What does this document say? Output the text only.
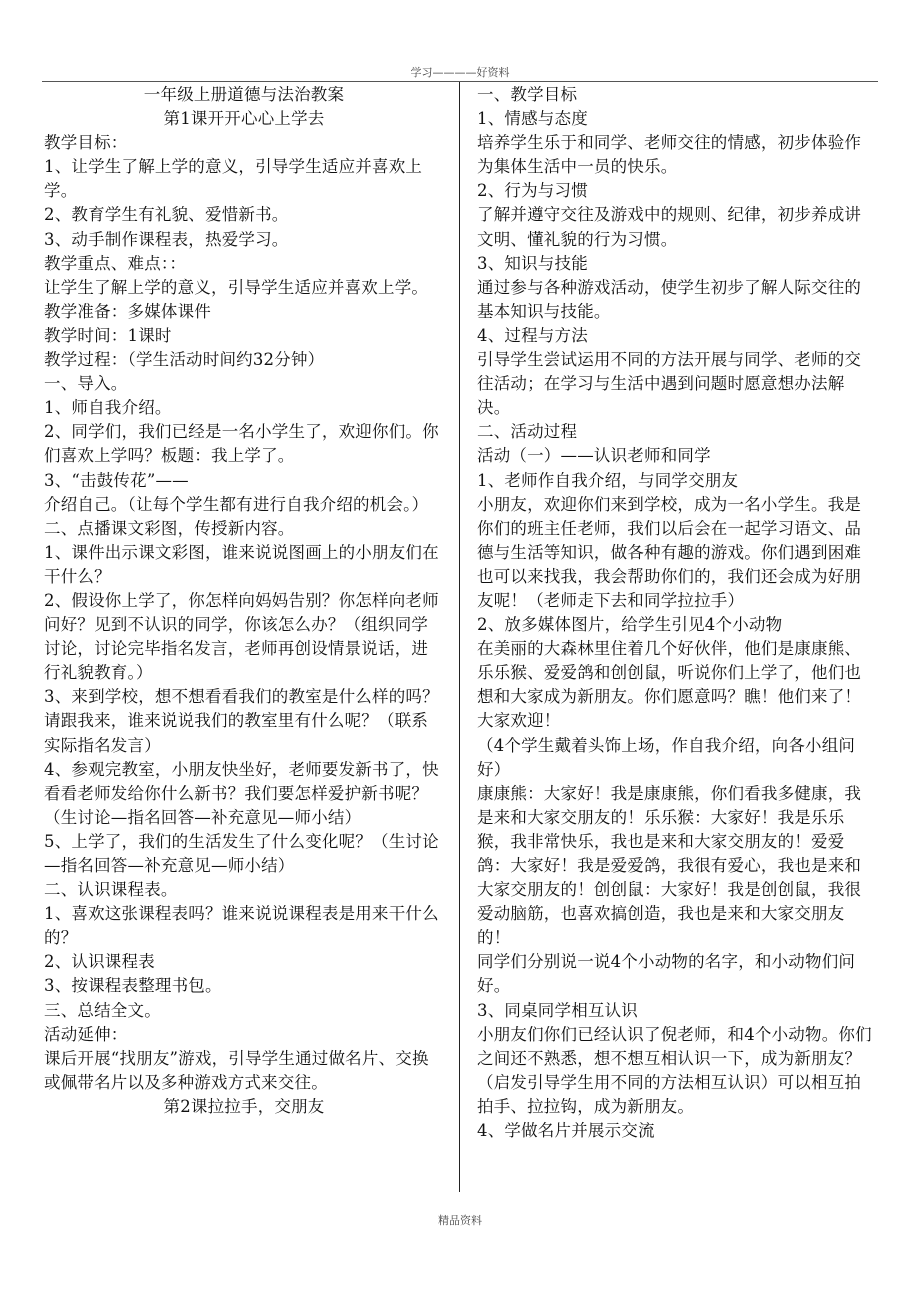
学习————好资料

一年级上册道德与法治教案

第1课开开心心上学去

教学目标：

1、让学生了解上学的意义，引导学生适应并喜欢上学。

2、教育学生有礼貌、爱惜新书。

3、动手制作课程表，热爱学习。

教学重点、难点：：

让学生了解上学的意义，引导学生适应并喜欢上学。

教学准备：多媒体课件

教学时间：1课时

教学过程：（学生活动时间约32分钟）

一、导入。

1、师自我介绍。

2、同学们，我们已经是一名小学生了，欢迎你们。你们喜欢上学吗？板题：我上学了。

3、“击鼓传花”——

介绍自己。（让每个学生都有进行自我介绍的机会。）

二、点播课文彩图，传授新内容。

1、课件出示课文彩图，谁来说说图画上的小朋友们在干什么？

2、假设你上学了，你怎样向妈妈告别？你怎样向老师问好？见到不认识的同学，你该怎么办？（组织同学讨论，讨论完毕指名发言，老师再创设情景说话，进行礼貌教育。）

3、来到学校，想不想看看我们的教室是什么样的吗？请跟我来，谁来说说我们的教室里有什么呢？（联系实际指名发言）

4、参观完教室，小朋友快坐好，老师要发新书了，快看看老师发给你什么新书？我们要怎样爱护新书呢？（生讨论—指名回答—补充意见—师小结）

5、上学了，我们的生活发生了什么变化呢？（生讨论—指名回答—补充意见—师小结）

二、认识课程表。

1、喜欢这张课程表吗？谁来说说课程表是用来干什么的？

2、认识课程表

3、按课程表整理书包。

三、总结全文。

活动延伸：

课后开展“找朋友”游戏，引导学生通过做名片、交换或佩带名片以及多种游戏方式来交往。

第2课拉拉手，交朋友

一、教学目标

1、情感与态度

培养学生乐于和同学、老师交往的情感，初步体验作为集体生活中一员的快乐。

2、行为与习惯

了解并遵守交往及游戏中的规则、纪律，初步养成讲文明、懂礼貌的行为习惯。

3、知识与技能

通过参与各种游戏活动，使学生初步了解人际交往的基本知识与技能。

4、过程与方法

引导学生尝试运用不同的方法开展与同学、老师的交往活动；在学习与生活中遇到问题时愿意想办法解决。

二、活动过程

活动（一）——认识老师和同学

1、老师作自我介绍，与同学交朋友

小朋友，欢迎你们来到学校，成为一名小学生。我是你们的班主任老师，我们以后会在一起学习语文、品德与生活等知识，做各种有趣的游戏。你们遇到困难也可以来找我，我会帮助你们的，我们还会成为好朋友呢！（老师走下去和同学拉拉手）

2、放多媒体图片，给学生引见4个小动物

在美丽的大森林里住着几个好伙伴，他们是康康熊、乐乐猴、爱爱鸽和创创鼠，听说你们上学了，他们也想和大家成为新朋友。你们愿意吗？瞧！他们来了！大家欢迎！

（4个学生戴着头饰上场，作自我介绍，向各小组问好）

康康熊：大家好！我是康康熊，你们看我多健康，我是来和大家交朋友的！乐乐猴：大家好！我是乐乐猴，我非常快乐，我也是来和大家交朋友的！爱爱鸽：大家好！我是爱爱鸽，我很有爱心，我也是来和大家交朋友的！创创鼠：大家好！我是创创鼠，我很爱动脑筋，也喜欢搞创造，我也是来和大家交朋友的！

同学们分别说一说4个小动物的名字，和小动物们问好。

3、同桌同学相互认识

小朋友们你们已经认识了倪老师，和4个小动物。你们之间还不熟悉，想不想互相认识一下，成为新朋友？

（启发引导学生用不同的方法相互认识）可以相互拍拍手、拉拉钩，成为新朋友。

4、学做名片并展示交流

精品资料
